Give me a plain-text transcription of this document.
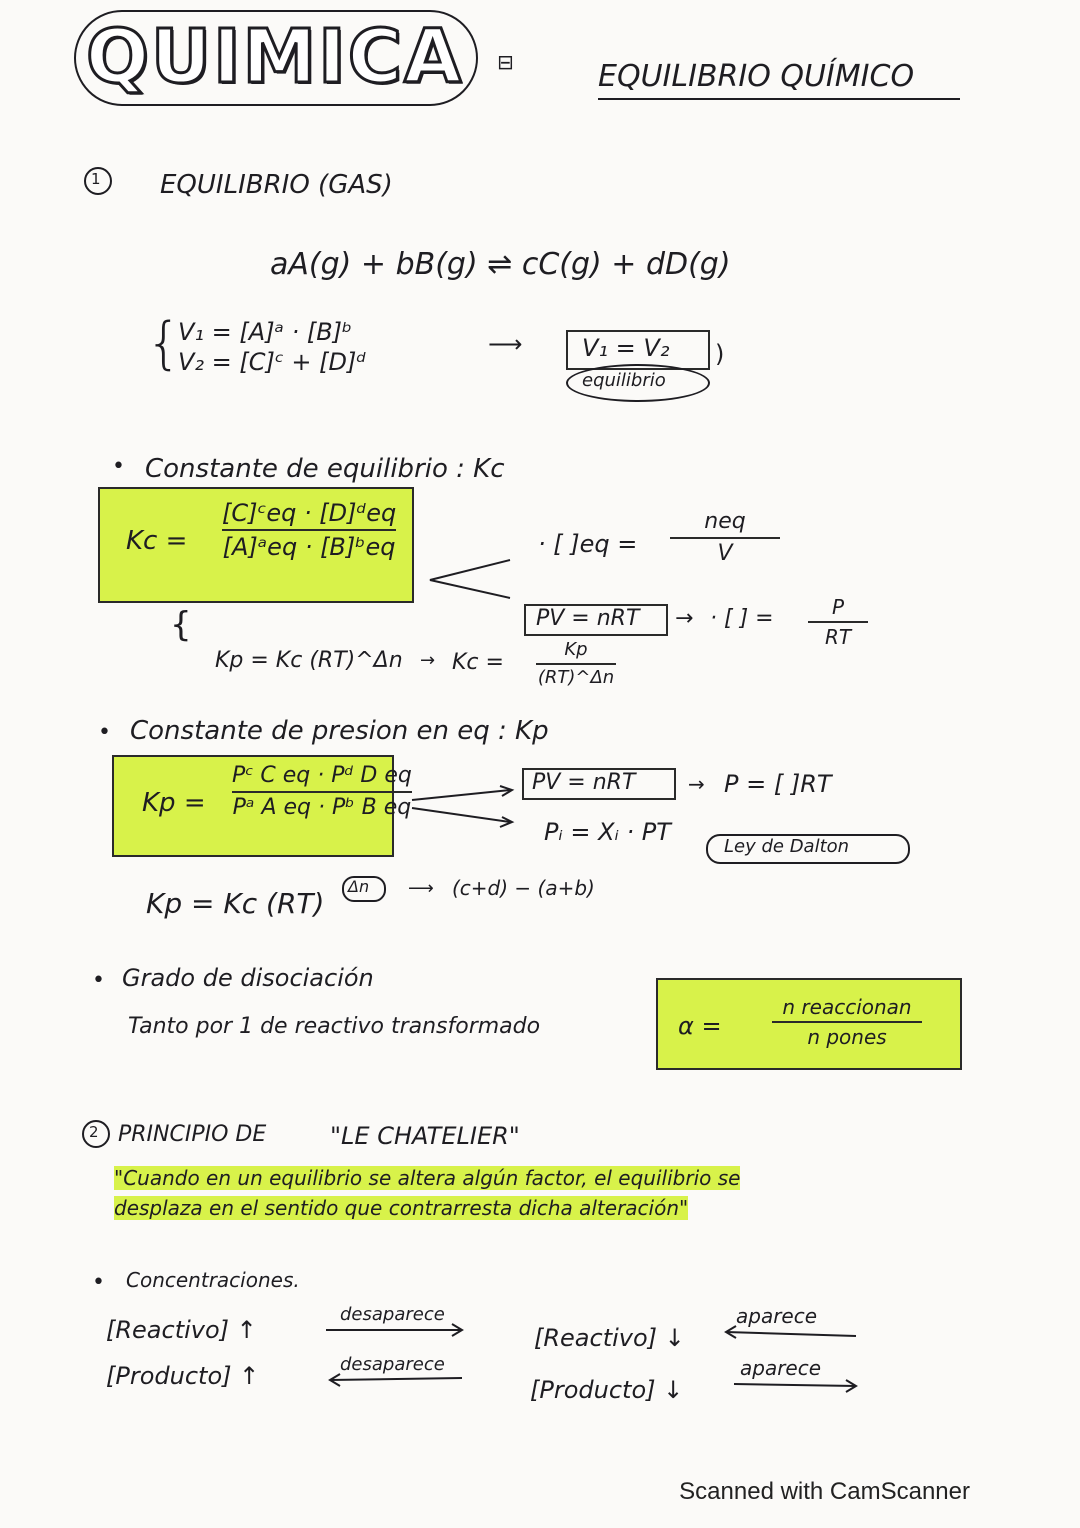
QUIMICA ⊟	EQUILIBRIO QUÍMICO
1 EQUILIBRIO (GAS)
aA(g) + bB(g) ⇌ cC(g) + dD(g)
{
V₁ = [A]ᵃ · [B]ᵇ
V₂ = [C]ᶜ + [D]ᵈ
⟶ V₁ = V₂
equilibrio
)
• Constante de equilibrio : Kc
Kc =
[C]ᶜeq · [D]ᵈeq
[A]ᵃeq · [B]ᵇeq	· [ ]eq =
neq
V
PV = nRT → · [ ] =	P
RT
{
Kp = Kc (RT)^Δn → Kc =
Kp
(RT)^Δn
• Constante de presion en eq : Kp
Kp =
Pᶜ C eq · Pᵈ D eq
Pᵃ A eq · Pᵇ B eq
PV = nRT	→ P = [ ]RT
Pᵢ = Xᵢ · PT
Ley de Dalton
Kp = Kc (RT)
Δn ⟶ (c+d) − (a+b)
• Grado de disociación
Tanto por 1 de reactivo transformado	α =
n reaccionan
n pones
2 PRINCIPIO DE	"LE CHATELIER"
"Cuando en un equilibrio se altera algún factor, el equilibrio se
desplaza en el sentido que contrarresta dicha alteración"
• Concentraciones.
[Reactivo] ↑
desaparece
[Reactivo] ↓
aparece
[Producto] ↑	desaparece
[Producto] ↓
aparece
Scanned with CamScanner
